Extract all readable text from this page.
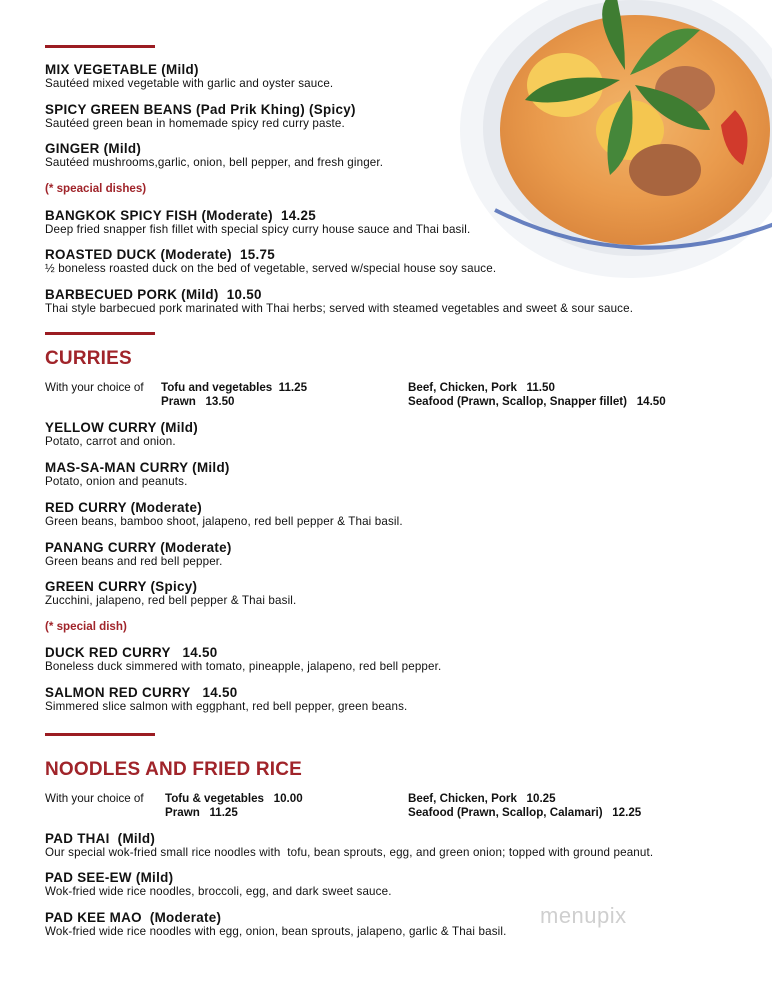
MIX VEGETABLE (Mild)
Sautéed mixed vegetable with garlic and oyster sauce.
SPICY GREEN BEANS (Pad Prik Khing) (Spicy)
Sautéed green bean in homemade spicy red curry paste.
GINGER (Mild)
Sautéed mushrooms,garlic, onion, bell pepper, and fresh ginger.
(* speacial dishes)
BANGKOK SPICY FISH (Moderate)  14.25
Deep fried snapper fish fillet with special spicy curry house sauce and Thai basil.
ROASTED DUCK (Moderate)  15.75
½ boneless roasted duck on the bed of vegetable, served w/special house soy sauce.
BARBECUED PORK (Mild)  10.50
Thai style barbecued pork marinated with Thai herbs; served with steamed vegetables and sweet & sour sauce.
CURRIES
With your choice of Tofu and vegetables  11.25
Prawn   13.50
Beef, Chicken, Pork   11.50
Seafood (Prawn, Scallop, Snapper fillet)   14.50
YELLOW CURRY (Mild)
Potato, carrot and onion.
MAS-SA-MAN CURRY (Mild)
Potato, onion and peanuts.
RED CURRY (Moderate)
Green beans, bamboo shoot, jalapeno, red bell pepper & Thai basil.
PANANG CURRY (Moderate)
Green beans and red bell pepper.
GREEN CURRY (Spicy)
Zucchini, jalapeno, red bell pepper & Thai basil.
(* special dish)
DUCK RED CURRY   14.50
Boneless duck simmered with tomato, pineapple, jalapeno, red bell pepper.
SALMON RED CURRY   14.50
Simmered slice salmon with eggphant, red bell pepper, green beans.
NOODLES AND FRIED RICE
With your choice of Tofu & vegetables   10.00
Prawn   11.25
Beef, Chicken, Pork   10.25
Seafood (Prawn, Scallop, Calamari)   12.25
PAD THAI  (Mild)
Our special wok-fried small rice noodles with  tofu, bean sprouts, egg, and green onion; topped with ground peanut.
PAD SEE-EW (Mild)
Wok-fried wide rice noodles, broccoli, egg, and dark sweet sauce.
PAD KEE MAO  (Moderate)
Wok-fried wide rice noodles with egg, onion, bean sprouts, jalapeno, garlic & Thai basil.
menupix
